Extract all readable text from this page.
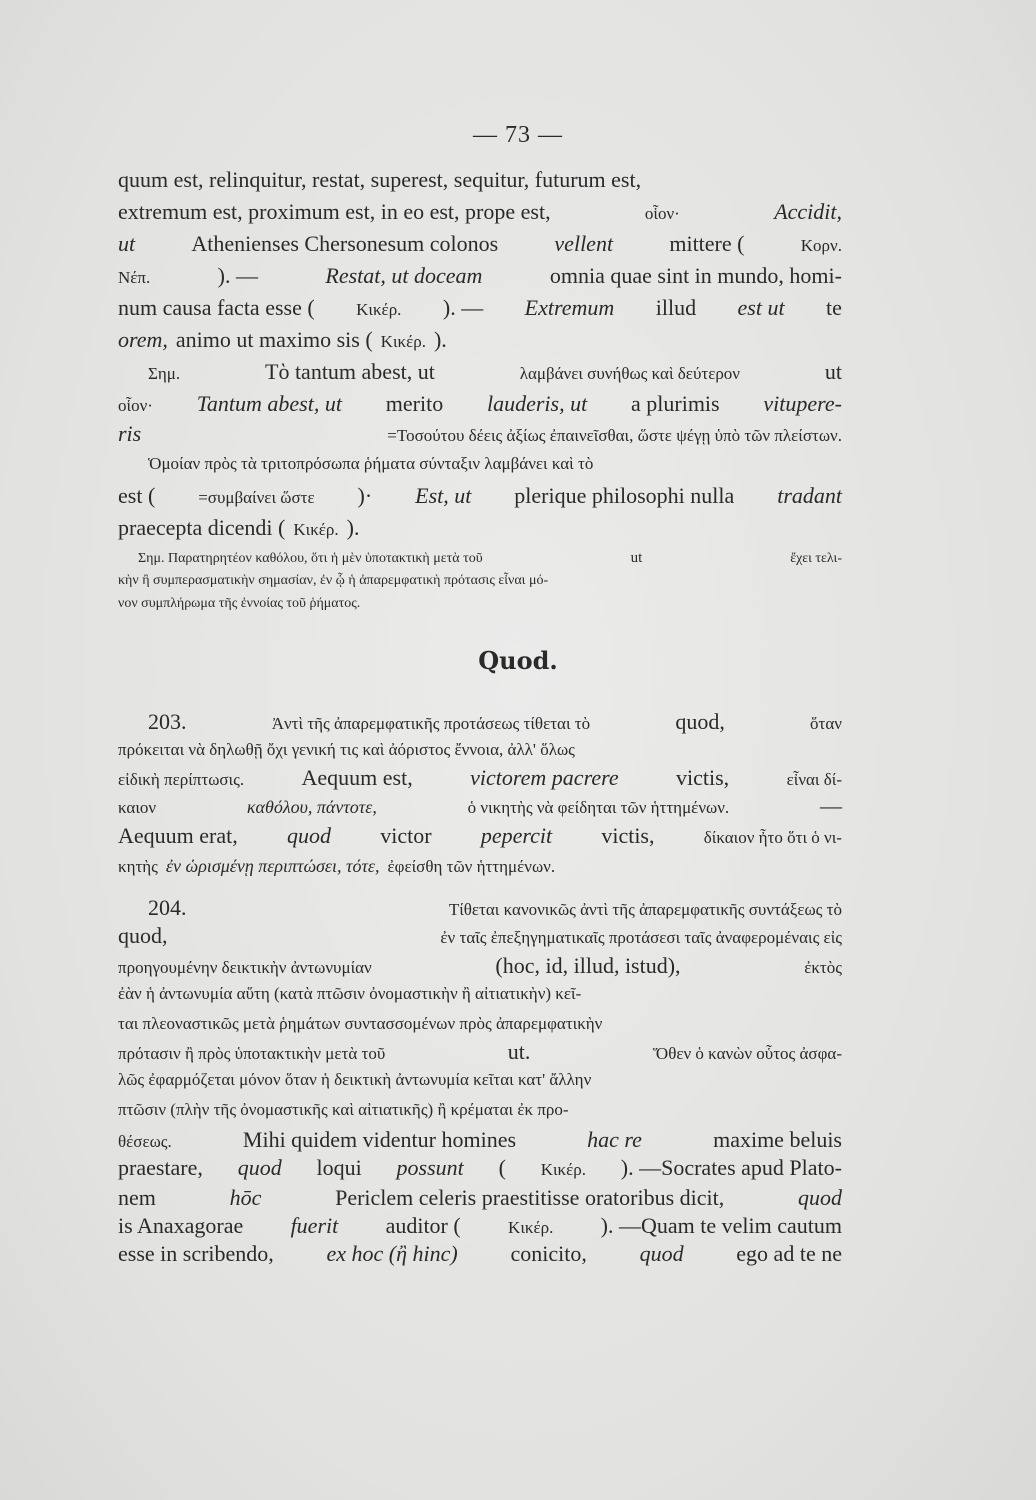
— 73 —
Quod.
quum est, relinquitur, restat, superest, sequitur, futurum est,
extremum est, proximum est, in eo est, prope est,	οἷον·	Accidit,
ut	Athenienses Chersonesum colonos	vellent	mittere (	Κορν.
Νέπ.	). —	Restat, ut doceam	omnia quae sint in mundo, homi-
num causa facta esse ( Κικέρ. ). — Extremum illud est ut te
orem, animo ut maximo sis ( Κικέρ. ).
Σημ.	Τὸ tantum abest, ut	λαμβάνει συνήθως καὶ δεύτερον	ut
οἷον· Tantum abest, ut merito lauderis, ut a plurimis vitupere-
ris	=Τοσούτου δέεις ἀξίως ἐπαινεῖσθαι, ὥστε ψέγῃ ὑπὸ τῶν πλείστων.
Ὁμοίαν πρὸς τὰ τριτοπρόσωπα ῥήματα σύνταξιν λαμβάνει καὶ τὸ
est (	=συμβαίνει ὥστε )· Est, ut plerique philosophi nulla tradant
praecepta dicendi ( Κικέρ. ).
Σημ. Παρατηρητέον καθόλου, ὅτι ἡ μὲν ὑποτακτικὴ μετὰ τοῦ	ut	ἔχει τελι-
κὴν ἢ συμπερασματικὴν σημασίαν, ἐν ᾧ ἡ ἀπαρεμφατικὴ πρότασις εἶναι μό-
νον συμπλήρωμα τῆς ἐννοίας τοῦ ῥήματος.
203.	Ἀντὶ τῆς ἀπαρεμφατικῆς προτάσεως τίθεται τὸ	quod,	ὅταν
πρόκειται νὰ δηλωθῇ ὄχι γενική τις καὶ ἀόριστος ἔννοια, ἀλλ' ὅλως
εἰδικὴ περίπτωσις.	Aequum est,	victorem pacrere	victis,	εἶναι δί-
καιον	καθόλου, πάντοτε,	ὁ νικητὴς νὰ φείδηται τῶν ἡττημένων.	—
Aequum erat, quod victor pepercit victis,	δίκαιον ἦτο ὅτι ὁ νι-
κητὴς ἐν ὡρισμένῃ περιπτώσει, τότε, ἐφείσθη τῶν ἡττημένων.
204.	Τίθεται κανονικῶς ἀντὶ τῆς ἀπαρεμφατικῆς συντάξεως τὸ
quod,	ἐν ταῖς ἐπεξηγηματικαῖς προτάσεσι ταῖς ἀναφερομέναις εἰς
προηγουμένην δεικτικὴν ἀντωνυμίαν	(hoc, id, illud, istud),	ἐκτὸς
ἐὰν ἡ ἀντωνυμία αὕτη (κατὰ πτῶσιν ὀνομαστικὴν ἢ αἰτιατικὴν) κεῖ-
ται πλεοναστικῶς μετὰ ῥημάτων συντασσομένων πρὸς ἀπαρεμφατικὴν
πρότασιν ἢ πρὸς ὑποτακτικὴν μετὰ τοῦ	ut.	Ὅθεν ὁ κανὼν οὗτος ἀσφα-
λῶς ἐφαρμόζεται μόνον ὅταν ἡ δεικτικὴ ἀντωνυμία κεῖται κατ' ἄλλην
πτῶσιν (πλὴν τῆς ὀνομαστικῆς καὶ αἰτιατικῆς) ἢ κρέμαται ἐκ προ-
θέσεως.	Mihi quidem videntur homines	hac re	maxime beluis
praestare, quod loqui possunt ( Κικέρ. ). —Socrates apud Plato-
nem	hōc	Periclem celeris praestitisse oratoribus dicit,	quod
is Anaxagorae fuerit auditor (	Κικέρ. ). —Quam te velim cautum
esse in scribendo, ex hoc (ἢ hinc) conicito, quod ego ad te ne
